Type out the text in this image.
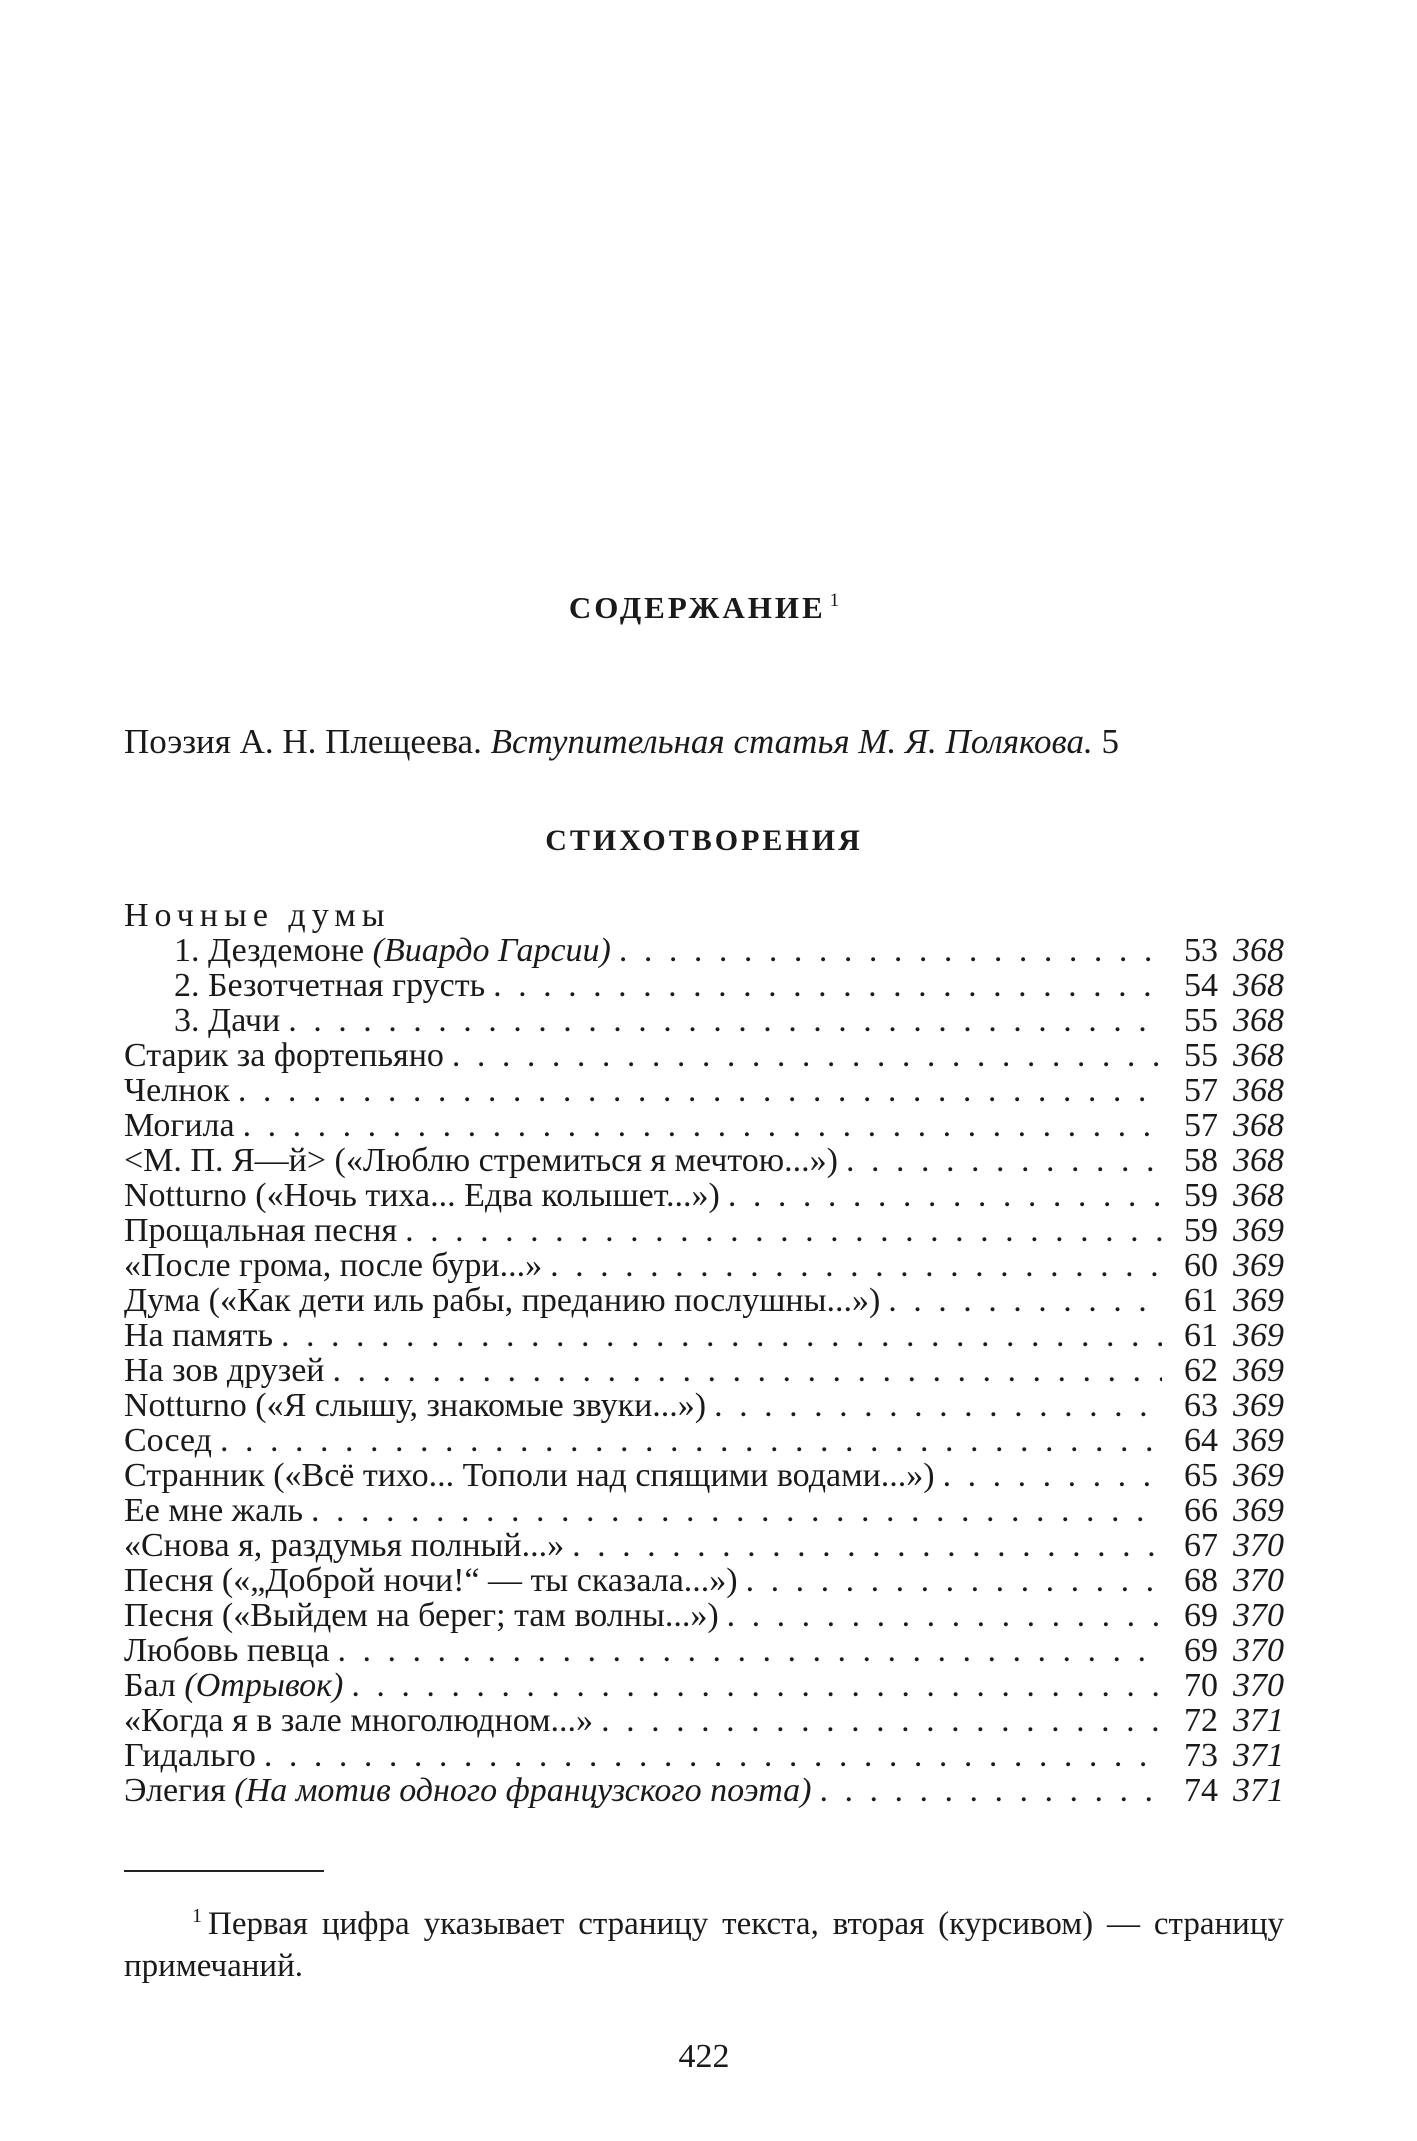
СОДЕРЖАНИЕ $^1$
Поэзия А. Н. Плещеева. Вступительная статья М. Я. Полякова. 5
СТИХОТВОРЕНИЯ
Ночные думы
1. Дездемоне (Виардо Гарсии) . . .	53 368
2. Безотчетная грусть . . .	54 368
3. Дачи . . .	55 368
Старик за фортепьяно . . .	55 368
Челнок . . .	57 368
Могила . . .	57 368
<М. П. Я—й> («Люблю стремиться я мечтою...») . . .	58 368
Notturno («Ночь тиха... Едва колышет...») . . .	59 368
Прощальная песня . . .	59 369
«После грома, после бури...» . . .	60 369
Дума («Как дети иль рабы, преданию послушны...») . . .	61 369
На память . . .	61 369
На зов друзей . . .	62 369
Notturno («Я слышу, знакомые звуки...») . . .	63 369
Сосед . . .	64 369
Странник («Всё тихо... Тополи над спящими водами...») . . .	65 369
Ее мне жаль . . .	66 369
«Снова я, раздумья полный...» . . .	67 370
Песня («„Доброй ночи!“ — ты сказала...») . . .	68 370
Песня («Выйдем на берег; там волны...») . . .	69 370
Любовь певца . . .	69 370
Бал (Отрывок) . . .	70 370
«Когда я в зале многолюдном...» . . .	72 371
Гидальго . . .	73 371
Элегия (На мотив одного французского поэта) . . .	74 371
$^1$ Первая цифра указывает страницу текста, вторая (курсивом) — страницу примечаний.
422
